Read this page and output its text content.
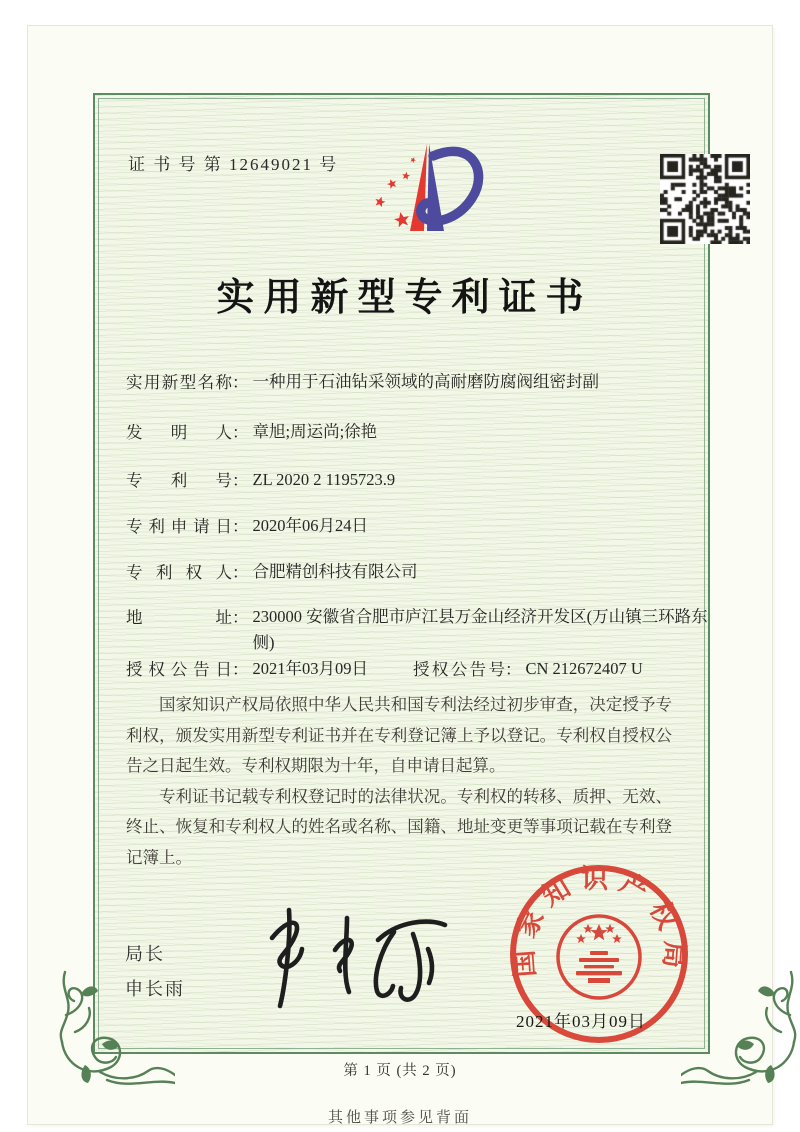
证 书 号 第 12649021 号
实用新型专利证书
实用新型名称： 一种用于石油钻采领域的高耐磨防腐阀组密封副
发明人： 章旭;周运尚;徐艳
专利号： ZL 2020 2 1195723.9
专利申请日： 2020年06月24日
专利权人： 合肥精创科技有限公司
地址： 230000 安徽省合肥市庐江县万金山经济开发区(万山镇三环路东侧)
授权公告日： 2021年03月09日	授权公告号： CN 212672407 U

国家知识产权局依照中华人民共和国专利法经过初步审查，决定授予专利权，颁发实用新型专利证书并在专利登记簿上予以登记。专利权自授权公告之日起生效。专利权期限为十年，自申请日起算。

专利证书记载专利权登记时的法律状况。专利权的转移、质押、无效、终止、恢复和专利权人的姓名或名称、国籍、地址变更等事项记载在专利登记簿上。

局长
申长雨
国家知识产权局
2021年03月09日
第 1 页 (共 2 页)
其他事项参见背面
